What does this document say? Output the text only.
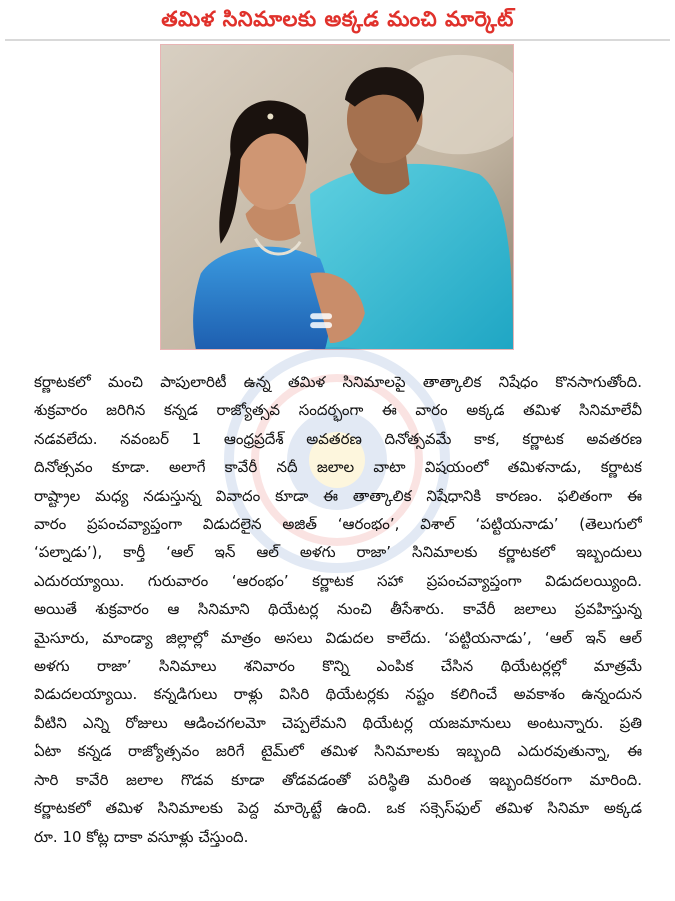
తమిళ సినిమాలకు అక్కడ మంచి మార్కెట్
కర్ణాటకలో మంచి పాపులారిటీ ఉన్న తమిళ సినిమాలపై తాత్కాలిక నిషేధం కొనసాగుతోంది.
శుక్రవారం జరిగిన కన్నడ రాజ్యోత్సవ సందర్భంగా ఈ వారం అక్కడ తమిళ సినిమాలేవీ
నడవలేదు. నవంబర్ 1 ఆంధ్రప్రదేశ్ అవతరణ దినోత్సవమే కాక, కర్ణాటక అవతరణ
దినోత్సవం కూడా. అలాగే కావేరీ నదీ జలాల వాటా విషయంలో తమిళనాడు, కర్ణాటక
రాష్ట్రాల మధ్య నడుస్తున్న వివాదం కూడా ఈ తాత్కాలిక నిషేధానికి కారణం. ఫలితంగా ఈ
వారం ప్రపంచవ్యాప్తంగా విడుదలైన అజిత్ ‘ఆరంభం’, విశాల్ ‘పట్టియనాడు’ (తెలుగులో
‘పల్నాడు’), కార్తీ ‘ఆల్ ఇన్ ఆల్ అళగు రాజా’ సినిమాలకు కర్ణాటకలో ఇబ్బందులు
ఎదురయ్యాయి. గురువారం ‘ఆరంభం’ కర్ణాటక సహా ప్రపంచవ్యాప్తంగా విడుదలయ్యింది.
అయితే శుక్రవారం ఆ సినిమాని థియేటర్ల నుంచి తీసేశారు. కావేరీ జలాలు ప్రవహిస్తున్న
మైసూరు, మాండ్యా జిల్లాల్లో మాత్రం అసలు విడుదల కాలేదు. ‘పట్టియనాడు’, ‘ఆల్ ఇన్ ఆల్
అళగు రాజా’ సినిమాలు శనివారం కొన్ని ఎంపిక చేసిన థియేటర్లల్లో మాత్రమే
విడుదలయ్యాయి. కన్నడిగులు రాళ్లు విసిరి థియేటర్లకు నష్టం కలిగించే అవకాశం ఉన్నందున
వీటిని ఎన్ని రోజులు ఆడించగలమో చెప్పలేమని థియేటర్ల యజమానులు అంటున్నారు. ప్రతి
ఏటా కన్నడ రాజ్యోత్సవం జరిగే టైమ్‌లో తమిళ సినిమాలకు ఇబ్బంది ఎదురవుతున్నా, ఈ
సారి కావేరి జలాల గొడవ కూడా తోడవడంతో పరిస్థితి మరింత ఇబ్బందికరంగా మారింది.
కర్ణాటకలో తమిళ సినిమాలకు పెద్ద మార్కెట్టే ఉంది. ఒక సక్సెస్‌ఫుల్ తమిళ సినిమా అక్కడ
రూ. 10 కోట్ల దాకా వసూళ్లు చేస్తుంది.
